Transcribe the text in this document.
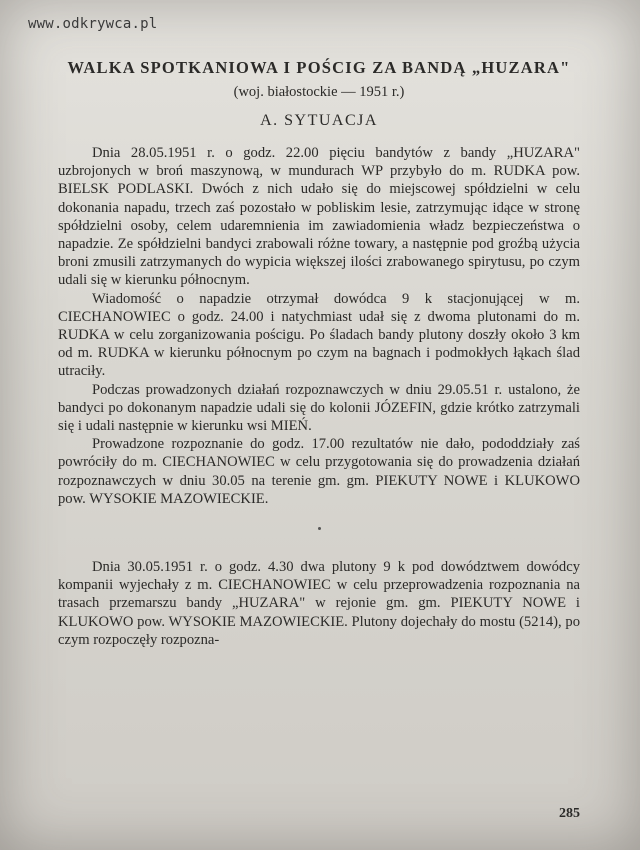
www.odkrywca.pl
WALKA SPOTKANIOWA I POŚCIG ZA BANDĄ „HUZARA"
(woj. białostockie — 1951 r.)
A. SYTUACJA

Dnia 28.05.1951 r. o godz. 22.00 pięciu bandytów z bandy „HUZARA" uzbrojonych w broń maszynową, w mundurach WP przybyło do m. RUDKA pow. BIELSK PODLASKI. Dwóch z nich udało się do miejscowej spółdzielni w celu dokonania napadu, trzech zaś pozostało w pobliskim lesie, zatrzymując idące w stronę spółdzielni osoby, celem udaremnienia im zawiadomienia władz bezpieczeństwa o napadzie. Ze spółdzielni bandyci zrabowali różne towary, a następnie pod groźbą użycia broni zmusili zatrzymanych do wypicia większej ilości zrabowanego spirytusu, po czym udali się w kierunku północnym.

Wiadomość o napadzie otrzymał dowódca 9 k stacjonującej w m. CIECHANOWIEC o godz. 24.00 i natychmiast udał się z dwoma plutonami do m. RUDKA w celu zorganizowania pościgu. Po śladach bandy plutony doszły około 3 km od m. RUDKA w kierunku północnym po czym na bagnach i podmokłych łąkach ślad utraciły.

Podczas prowadzonych działań rozpoznawczych w dniu 29.05.51 r. ustalono, że bandyci po dokonanym napadzie udali się do kolonii JÓZEFIN, gdzie krótko zatrzymali się i udali następnie w kierunku wsi MIEŃ.

Prowadzone rozpoznanie do godz. 17.00 rezultatów nie dało, pododdziały zaś powróciły do m. CIECHANOWIEC w celu przygotowania się do prowadzenia działań rozpoznawczych w dniu 30.05 na terenie gm. gm. PIEKUTY NOWE i KLUKOWO pow. WYSOKIE MAZOWIECKIE.

Dnia 30.05.1951 r. o godz. 4.30 dwa plutony 9 k pod dowództwem dowódcy kompanii wyjechały z m. CIECHANOWIEC w celu przeprowadzenia rozpoznania na trasach przemarszu bandy „HUZARA" w rejonie gm. gm. PIEKUTY NOWE i KLUKOWO pow. WYSOKIE MAZOWIECKIE. Plutony dojechały do mostu (5214), po czym rozpoczęły rozpozna-

285
